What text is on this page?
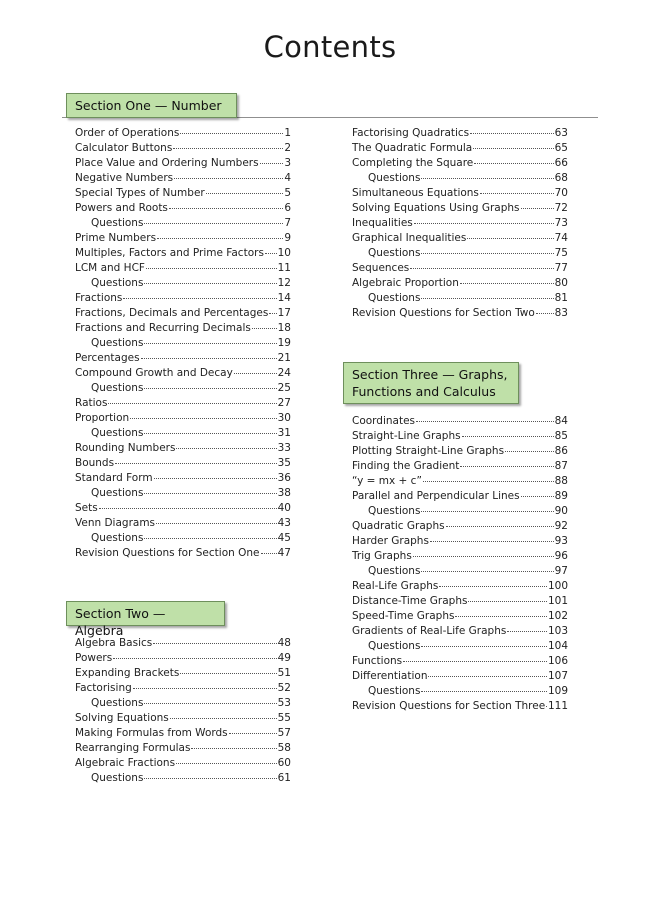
Contents
Section One — Number
Order of Operations	1
Calculator Buttons	2
Place Value and Ordering Numbers 3
Negative Numbers	4
Special Types of Number	5
Powers and Roots	6
Questions	7
Prime Numbers	9
Multiples, Factors and Prime Factors 10
LCM and HCF	11
Questions	12
Fractions	14
Fractions, Decimals and Percentages 17
Fractions and Recurring Decimals	18
Questions	19
Percentages	21
Compound Growth and Decay	24
Questions	25
Ratios	27
Proportion	30
Questions	31
Rounding Numbers	33
Bounds	35
Standard Form	36
Questions	38
Sets	40
Venn Diagrams	43
Questions	45
Revision Questions for Section One 47
Section Two — Algebra
Algebra Basics	48
Powers	49
Expanding Brackets	51
Factorising	52
Questions	53
Solving Equations	55
Making Formulas from Words	57
Rearranging Formulas	58
Algebraic Fractions	60
Questions	61
Factorising Quadratics	63
The Quadratic Formula	65
Completing the Square	66
Questions	68
Simultaneous Equations	70
Solving Equations Using Graphs	72
Inequalities	73
Graphical Inequalities	74
Questions	75
Sequences	77
Algebraic Proportion	80
Questions	81
Revision Questions for Section Two 83
Section Three — Graphs,
Functions and Calculus
Coordinates	84
Straight-Line Graphs	85
Plotting Straight-Line Graphs	86
Finding the Gradient	87
“y = mx + c”	88
Parallel and Perpendicular Lines	89
Questions	90
Quadratic Graphs	92
Harder Graphs	93
Trig Graphs	96
Questions	97
Real-Life Graphs	100
Distance-Time Graphs	101
Speed-Time Graphs	102
Gradients of Real-Life Graphs	103
Questions	104
Functions	106
Differentiation	107
Questions	109
Revision Questions for Section Three 111
